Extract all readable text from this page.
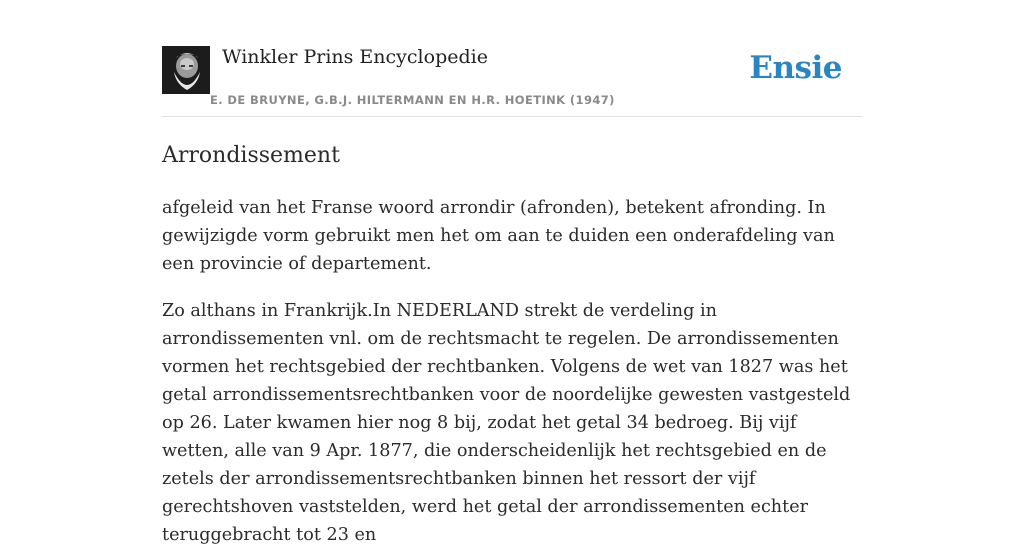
Winkler Prins Encyclopedie
E. DE BRUYNE, G.B.J. HILTERMANN EN H.R. HOETINK (1947)
Ensie
Arrondissement

afgeleid van het Franse woord arrondir (afronden), betekent afronding. In gewijzigde vorm gebruikt men het om aan te duiden een onderafdeling van een provincie of departement.

Zo althans in Frankrijk.In NEDERLAND strekt de verdeling in arrondissementen vnl. om de rechtsmacht te regelen. De arrondissementen vormen het rechtsgebied der rechtbanken. Volgens de wet van 1827 was het getal arrondissementsrechtbanken voor de noordelijke gewesten vastgesteld op 26. Later kwamen hier nog 8 bij, zodat het getal 34 bedroeg. Bij vijf wetten, alle van 9 Apr. 1877, die onderscheidenlijk het rechtsgebied en de zetels der arrondissementsrechtbanken binnen het ressort der vijf gerechtshoven vaststelden, werd het getal der arrondissementen echter teruggebracht tot 23 en
